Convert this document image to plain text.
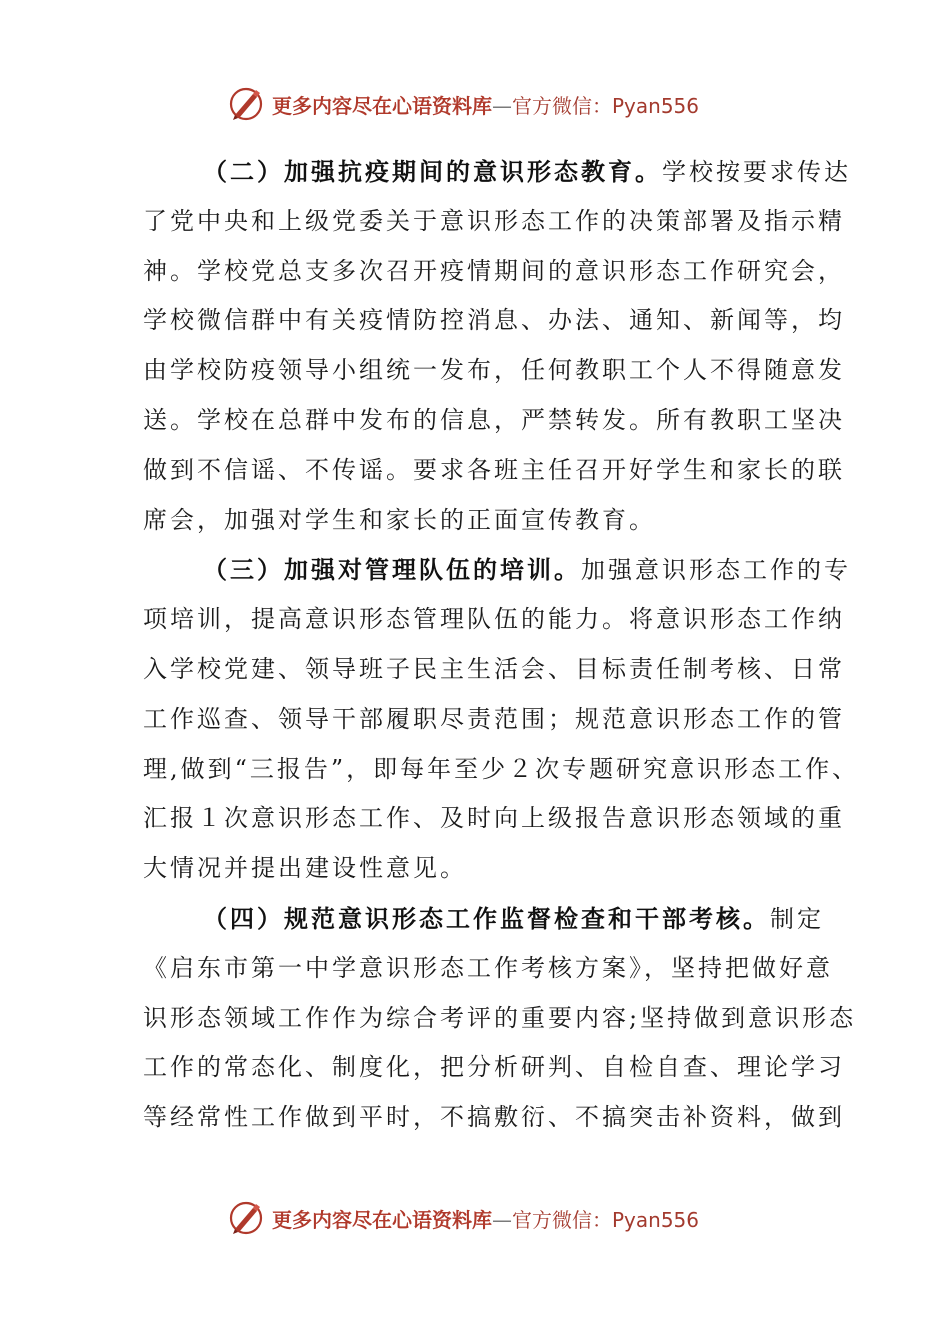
更多内容尽在心语资料库—官方微信：Pyan556
（二）加强抗疫期间的意识形态教育。学校按要求传达
了党中央和上级党委关于意识形态工作的决策部署及指示精
神。学校党总支多次召开疫情期间的意识形态工作研究会，
学校微信群中有关疫情防控消息、办法、通知、新闻等，均
由学校防疫领导小组统一发布，任何教职工个人不得随意发
送。学校在总群中发布的信息，严禁转发。所有教职工坚决
做到不信谣、不传谣。要求各班主任召开好学生和家长的联
席会，加强对学生和家长的正面宣传教育。
（三）加强对管理队伍的培训。加强意识形态工作的专
项培训，提高意识形态管理队伍的能力。将意识形态工作纳
入学校党建、领导班子民主生活会、目标责任制考核、日常
工作巡查、领导干部履职尽责范围；规范意识形态工作的管
理,做到“三报告”，即每年至少２次专题研究意识形态工作、
汇报１次意识形态工作、及时向上级报告意识形态领域的重
大情况并提出建设性意见。
（四）规范意识形态工作监督检查和干部考核。制定
《启东市第一中学意识形态工作考核方案》，坚持把做好意
识形态领域工作作为综合考评的重要内容;坚持做到意识形态
工作的常态化、制度化，把分析研判、自检自查、理论学习
等经常性工作做到平时，不搞敷衍、不搞突击补资料，做到
更多内容尽在心语资料库—官方微信：Pyan556
